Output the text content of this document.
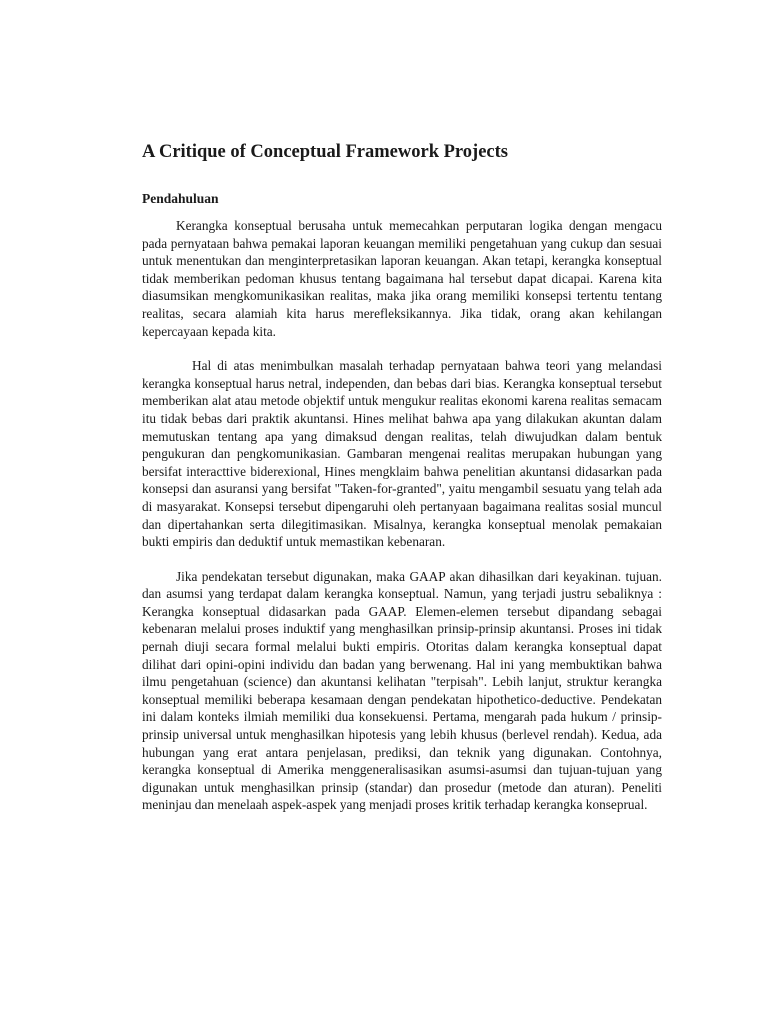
A Critique of Conceptual Framework Projects
Pendahuluan

Kerangka konseptual berusaha untuk memecahkan perputaran logika dengan mengacu pada pernyataan bahwa pemakai laporan keuangan memiliki pengetahuan yang cukup dan sesuai untuk menentukan dan menginterpretasikan laporan keuangan. Akan tetapi, kerangka konseptual tidak memberikan pedoman khusus tentang bagaimana hal tersebut dapat dicapai. Karena kita diasumsikan mengkomunikasikan realitas, maka jika orang memiliki konsepsi tertentu tentang realitas, secara alamiah kita harus merefleksikannya. Jika tidak, orang akan kehilangan kepercayaan kepada kita.

Hal di atas menimbulkan masalah terhadap pernyataan bahwa teori yang melandasi kerangka konseptual harus netral, independen, dan bebas dari bias. Kerangka konseptual tersebut memberikan alat atau metode objektif untuk mengukur realitas ekonomi karena realitas semacam itu tidak bebas dari praktik akuntansi. Hines melihat bahwa apa yang dilakukan akuntan dalam memutuskan tentang apa yang dimaksud dengan realitas, telah diwujudkan dalam bentuk pengukuran dan pengkomunikasian. Gambaran mengenai realitas merupakan hubungan yang bersifat interacttive biderexional, Hines mengklaim bahwa penelitian akuntansi didasarkan pada konsepsi dan asuransi yang bersifat "Taken-for-granted", yaitu mengambil sesuatu yang telah ada di masyarakat. Konsepsi tersebut dipengaruhi oleh pertanyaan bagaimana realitas sosial muncul dan dipertahankan serta dilegitimasikan. Misalnya, kerangka konseptual menolak pemakaian bukti empiris dan deduktif untuk memastikan kebenaran.

Jika pendekatan tersebut digunakan, maka GAAP akan dihasilkan dari keyakinan. tujuan. dan asumsi yang terdapat dalam kerangka konseptual. Namun, yang terjadi justru sebaliknya : Kerangka konseptual didasarkan pada GAAP. Elemen-elemen tersebut dipandang sebagai kebenaran melalui proses induktif yang menghasilkan prinsip-prinsip akuntansi. Proses ini tidak pernah diuji secara formal melalui bukti empiris. Otoritas dalam kerangka konseptual dapat dilihat dari opini-opini individu dan badan yang berwenang. Hal ini yang membuktikan bahwa ilmu pengetahuan (science) dan akuntansi kelihatan "terpisah". Lebih lanjut, struktur kerangka konseptual memiliki beberapa kesamaan dengan pendekatan hipothetico-deductive. Pendekatan ini dalam konteks ilmiah memiliki dua konsekuensi. Pertama, mengarah pada hukum / prinsip-prinsip universal untuk menghasilkan hipotesis yang lebih khusus (berlevel rendah). Kedua, ada hubungan yang erat antara penjelasan, prediksi, dan teknik yang digunakan. Contohnya, kerangka konseptual di Amerika menggeneralisasikan asumsi-asumsi dan tujuan-tujuan yang digunakan untuk menghasilkan prinsip (standar) dan prosedur (metode dan aturan). Peneliti meninjau dan menelaah aspek-aspek yang menjadi proses kritik terhadap kerangka konseprual.
